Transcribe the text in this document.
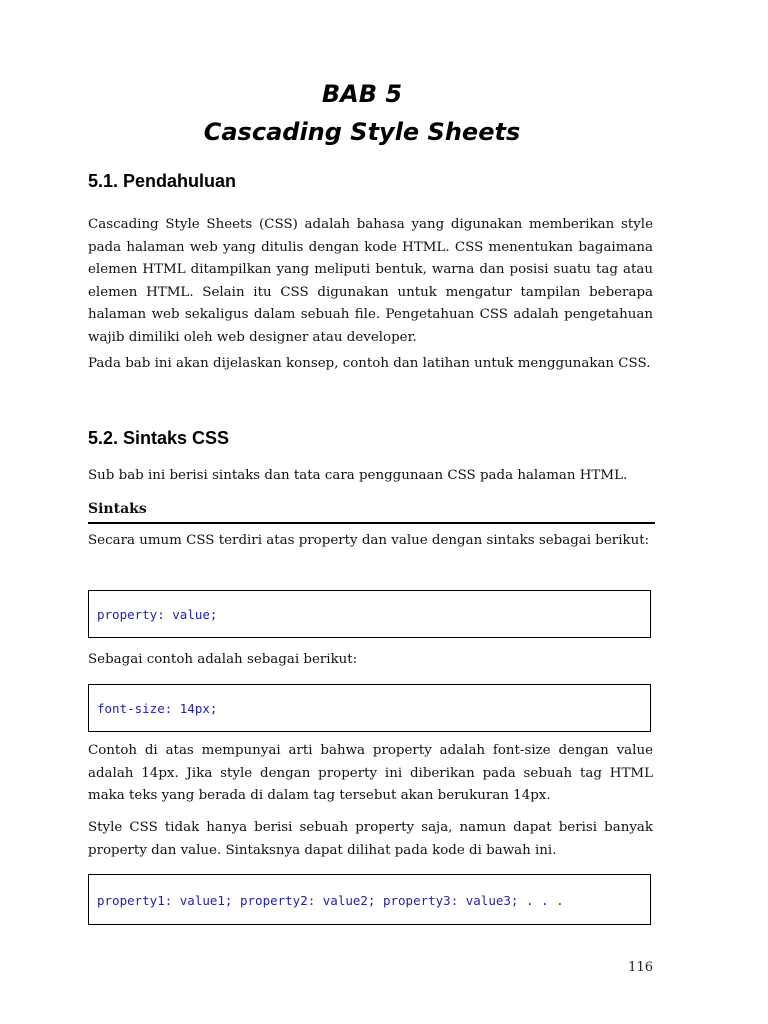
BAB 5
Cascading Style Sheets
5.1. Pendahuluan

Cascading Style Sheets (CSS) adalah bahasa yang digunakan memberikan style pada halaman web yang ditulis dengan kode HTML. CSS menentukan bagaimana elemen HTML ditampilkan yang meliputi bentuk, warna dan posisi suatu tag atau elemen HTML. Selain itu CSS digunakan untuk mengatur tampilan beberapa halaman web sekaligus dalam sebuah file. Pengetahuan CSS adalah pengetahuan wajib dimiliki oleh web designer atau developer.

Pada bab ini akan dijelaskan konsep, contoh dan latihan untuk menggunakan CSS.

5.2. Sintaks CSS

Sub bab ini berisi sintaks dan tata cara penggunaan CSS pada halaman HTML.

Sintaks

Secara umum CSS terdiri atas property dan value dengan sintaks sebagai berikut:

property: value;

Sebagai contoh adalah sebagai berikut:

font-size: 14px;

Contoh di atas mempunyai arti bahwa property adalah font-size dengan value adalah 14px. Jika style dengan property ini diberikan pada sebuah tag HTML maka teks yang berada di dalam tag tersebut akan berukuran 14px.

Style CSS tidak hanya berisi sebuah property saja, namun dapat berisi banyak property dan value. Sintaksnya dapat dilihat pada kode di bawah ini.

property1: value1; property2: value2; property3: value3; . . .
116
